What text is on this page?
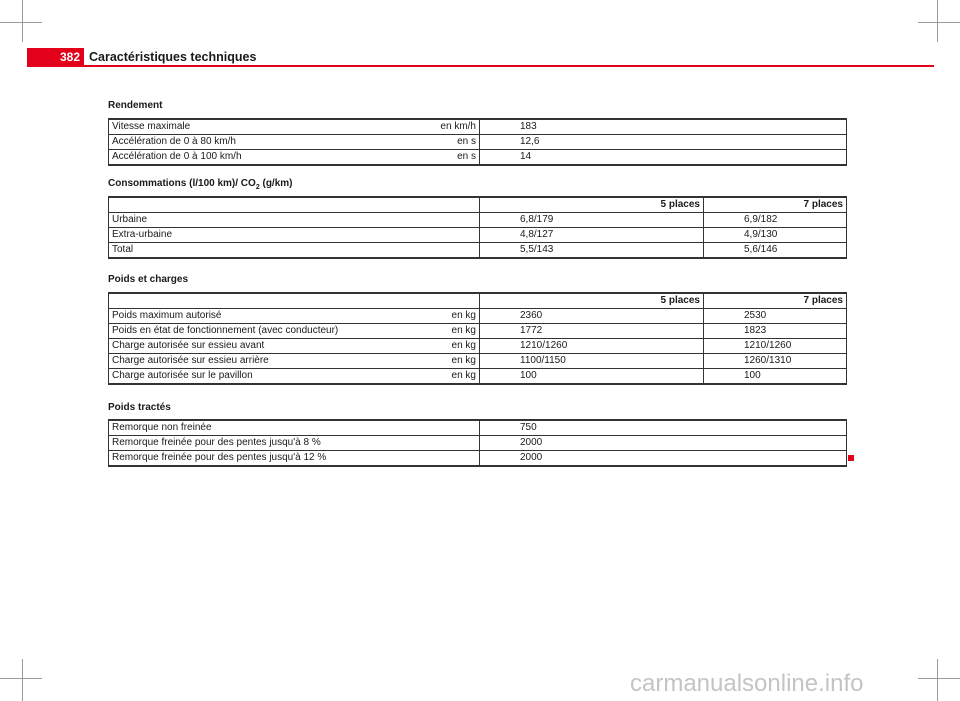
382 Caractéristiques techniques
Rendement
Vitesse maximale en km/h	183

Accélération de 0 à 80 km/h en s	12,6

Accélération de 0 à 100 km/h en s	14
Consommations (l/100 km)/ $CO_2$ (g/km)
	5 places	7 places
Urbaine	6,8/179	6,9/182
Extra-urbaine	4,8/127	4,9/130
Total	5,5/143	5,6/146
Poids et charges
	5 places	7 places

Poids maximum autorisé en kg	2360	2530

Poids en état de fonctionnement (avec conducteur) en kg	1772	1823

Charge autorisée sur essieu avant en kg	1210/1260	1210/1260

Charge autorisée sur essieu arrière en kg	1100/1150	1260/1310

Charge autorisée sur le pavillon en kg	100	100
Poids tractés
Remorque non freinée	750
Remorque freinée pour des pentes jusqu'à 8 %	2000
Remorque freinée pour des pentes jusqu'à 12 %	2000
carmanualsonline.info
